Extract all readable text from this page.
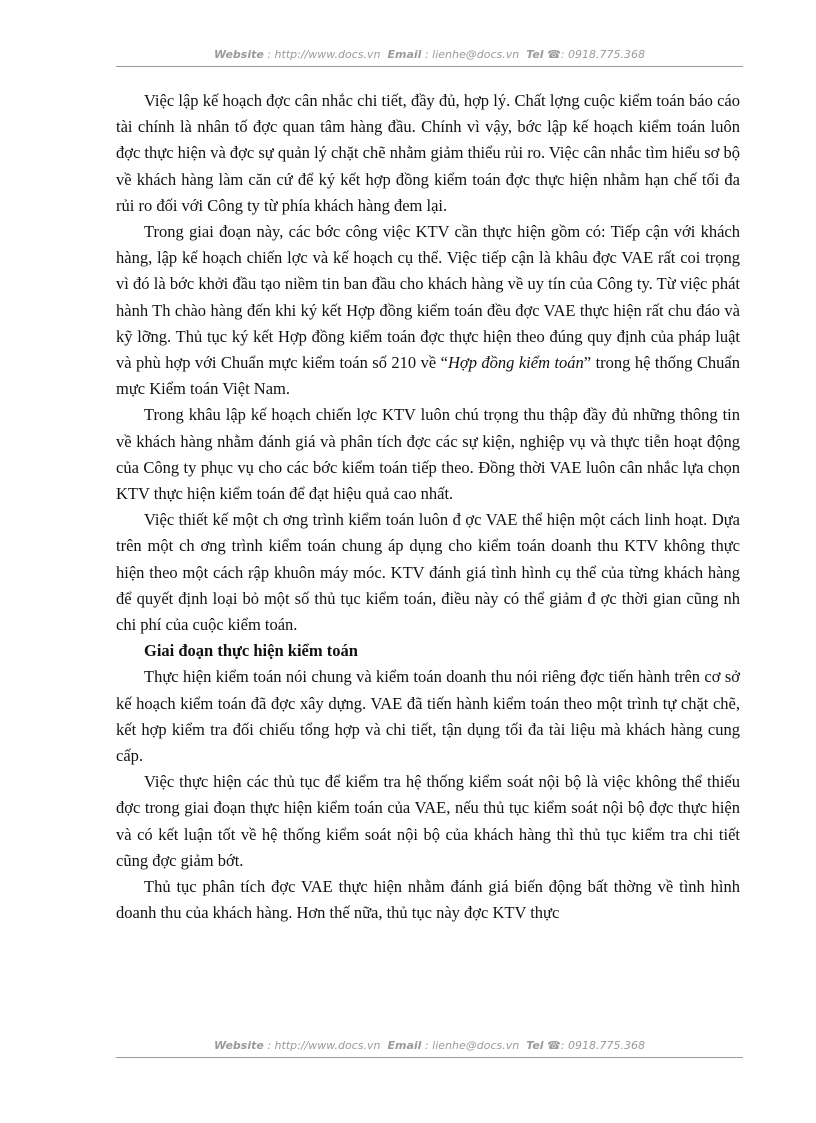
Website : http://www.docs.vn Email : lienhe@docs.vn Tel ☎: 0918.775.368

Việc lập kế hoạch đợc cân nhắc chi tiết, đầy đủ, hợp lý. Chất lợng cuộc kiểm toán báo cáo tài chính là nhân tố đợc quan tâm hàng đầu. Chính vì vậy, bớc lập kế hoạch kiểm toán luôn đợc thực hiện và đợc sự quản lý chặt chẽ nhằm giảm thiểu rủi ro. Việc cân nhắc tìm hiểu sơ bộ về khách hàng làm căn cứ để ký kết hợp đồng kiểm toán đợc thực hiện nhằm hạn chế tối đa rủi ro đối với Công ty từ phía khách hàng đem lại.

Trong giai đoạn này, các bớc công việc KTV cần thực hiện gồm có: Tiếp cận với khách hàng, lập kế hoạch chiến lợc và kế hoạch cụ thể. Việc tiếp cận là khâu đợc VAE rất coi trọng vì đó là bớc khởi đầu tạo niềm tin ban đầu cho khách hàng về uy tín của Công ty. Từ việc phát hành Th chào hàng đến khi ký kết Hợp đồng kiểm toán đều đợc VAE thực hiện rất chu đáo và kỹ lỡng. Thủ tục ký kết Hợp đồng kiểm toán đợc thực hiện theo đúng quy định của pháp luật và phù hợp với Chuẩn mực kiểm toán số 210 về “Hợp đồng kiểm toán” trong hệ thống Chuẩn mực Kiểm toán Việt Nam.

Trong khâu lập kế hoạch chiến lợc KTV luôn chú trọng thu thập đầy đủ những thông tin về khách hàng nhằm đánh giá và phân tích đợc các sự kiện, nghiệp vụ và thực tiễn hoạt động của Công ty phục vụ cho các bớc kiểm toán tiếp theo. Đồng thời VAE luôn cân nhắc lựa chọn KTV thực hiện kiểm toán để đạt hiệu quả cao nhất.

Việc thiết kế một ch ơng trình kiểm toán luôn đ ợc VAE thể hiện một cách linh hoạt. Dựa trên một ch ơng trình kiểm toán chung áp dụng cho kiểm toán doanh thu KTV không thực hiện theo một cách rập khuôn máy móc. KTV đánh giá tình hình cụ thể của từng khách hàng để quyết định loại bỏ một số thủ tục kiểm toán, điều này có thể giảm đ ợc thời gian cũng nh chi phí của cuộc kiểm toán.

Giai đoạn thực hiện kiểm toán

Thực hiện kiểm toán nói chung và kiểm toán doanh thu nói riêng đợc tiến hành trên cơ sở kế hoạch kiểm toán đã đợc xây dựng. VAE đã tiến hành kiểm toán theo một trình tự chặt chẽ, kết hợp kiểm tra đối chiếu tổng hợp và chi tiết, tận dụng tối đa tài liệu mà khách hàng cung cấp.

Việc thực hiện các thủ tục để kiểm tra hệ thống kiểm soát nội bộ là việc không thể thiếu đợc trong giai đoạn thực hiện kiểm toán của VAE, nếu thủ tục kiểm soát nội bộ đợc thực hiện và có kết luận tốt về hệ thống kiểm soát nội bộ của khách hàng thì thủ tục kiểm tra chi tiết cũng đợc giảm bớt.

Thủ tục phân tích đợc VAE thực hiện nhằm đánh giá biến động bất thờng về tình hình doanh thu của khách hàng. Hơn thế nữa, thủ tục này đợc KTV thực

Website : http://www.docs.vn Email : lienhe@docs.vn Tel ☎: 0918.775.368
